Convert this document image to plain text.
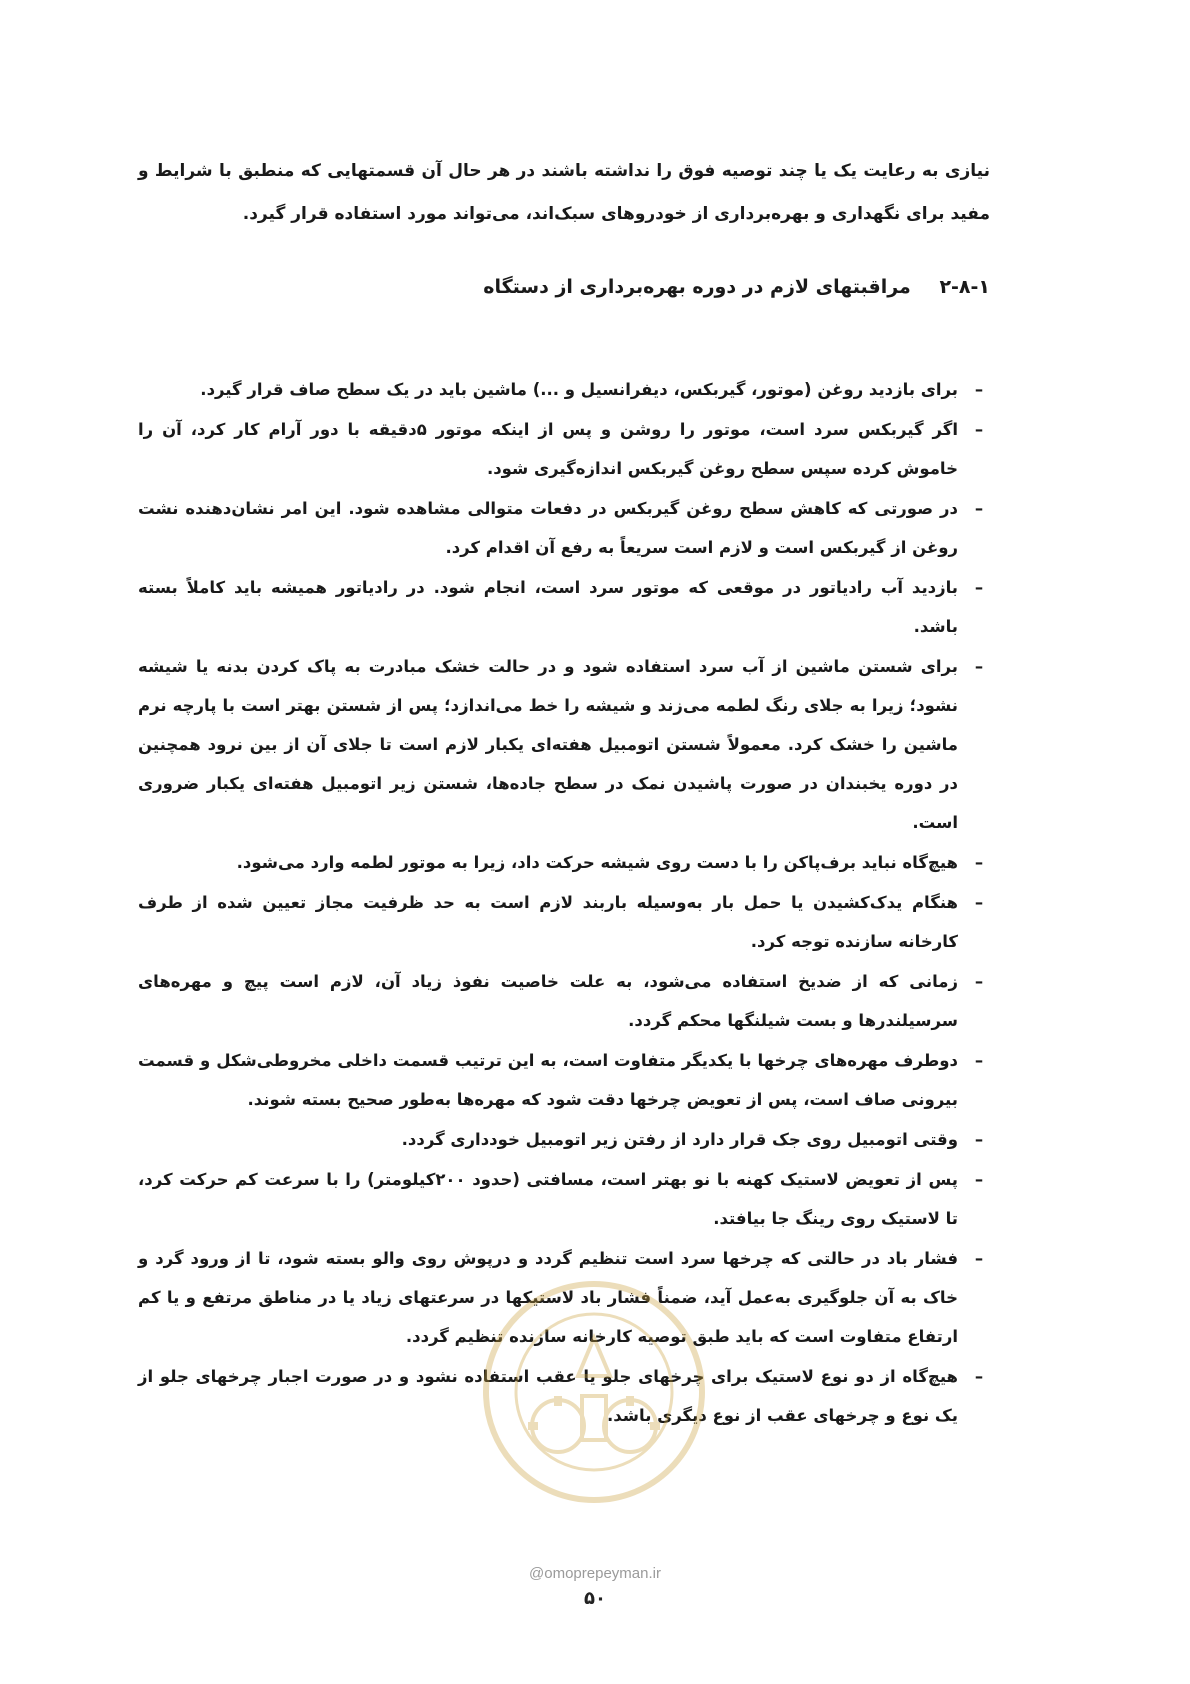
نیازی به رعایت یک یا چند توصیه فوق را نداشته باشند در هر حال آن قسمتهایی که منطبق با شرایط و مفید برای نگهداری و بهره‌برداری از خودروهای سبک‌اند، می‌تواند مورد استفاده قرار گیرد.

۲-۸-۱ مراقبتهای لازم در دوره بهره‌برداری از دستگاه
–
برای بازدید روغن (موتور، گیربکس، دیفرانسیل و ...) ماشین باید در یک سطح صاف قرار گیرد.
–
اگر گیربکس سرد است، موتور را روشن و پس از اینکه موتور ۵دقیقه با دور آرام کار کرد، آن را خاموش کرده سپس سطح روغن گیربکس اندازه‌گیری شود.
–
در صورتی که کاهش سطح روغن گیربکس در دفعات متوالی مشاهده شود. این امر نشان‌دهنده نشت روغن از گیربکس است و لازم است سریعاً به رفع آن اقدام کرد.
–
بازدید آب رادیاتور در موقعی که موتور سرد است، انجام شود. در رادیاتور همیشه باید کاملاً بسته باشد.
–
برای شستن ماشین از آب سرد استفاده شود و در حالت خشک مبادرت به پاک کردن بدنه یا شیشه نشود؛ زیرا به جلای رنگ لطمه می‌زند و شیشه را خط می‌اندازد؛ پس از شستن بهتر است با پارچه نرم ماشین را خشک کرد. معمولاً شستن اتومبیل هفته‌ای یکبار لازم است تا جلای آن از بین نرود همچنین در دوره یخبندان در صورت پاشیدن نمک در سطح جاده‌ها، شستن زیر اتومبیل هفته‌ای یکبار ضروری است.
–
هیچ‌گاه نباید برف‌پاکن را با دست روی شیشه حرکت داد، زیرا به موتور لطمه وارد می‌شود.
–
هنگام یدک‌کشیدن یا حمل بار به‌وسیله باربند لازم است به حد ظرفیت مجاز تعیین شده از طرف کارخانه سازنده توجه کرد.
–
زمانی که از ضدیخ استفاده می‌شود، به علت خاصیت نفوذ زیاد آن، لازم است پیچ و مهره‌های سرسیلندرها و بست شیلنگها محکم گردد.
–
دوطرف مهره‌های چرخها با یکدیگر متفاوت است، به این ترتیب قسمت داخلی مخروطی‌شکل و قسمت بیرونی صاف است، پس از تعویض چرخها دقت شود که مهره‌ها به‌طور صحیح بسته شوند.
–
وقتی اتومبیل روی جک قرار دارد از رفتن زیر اتومبیل خودداری گردد.
–
پس از تعویض لاستیک کهنه با نو بهتر است، مسافتی (حدود ۲۰۰کیلومتر) را با سرعت کم حرکت کرد، تا لاستیک روی رینگ جا بیافتد.
–
فشار باد در حالتی که چرخها سرد است تنظیم گردد و درپوش روی والو بسته شود، تا از ورود گرد و خاک به آن جلوگیری به‌عمل آید، ضمناً فشار باد لاستیکها در سرعتهای زیاد یا در مناطق مرتفع و یا کم ارتفاع متفاوت است که باید طبق توصیه کارخانه سازنده تنظیم گردد.
–
هیچ‌گاه از دو نوع لاستیک برای چرخهای جلو یا عقب استفاده نشود و در صورت اجبار چرخهای جلو از یک نوع و چرخهای عقب از نوع دیگری باشد.
@omoprepeyman.ir
۵۰
